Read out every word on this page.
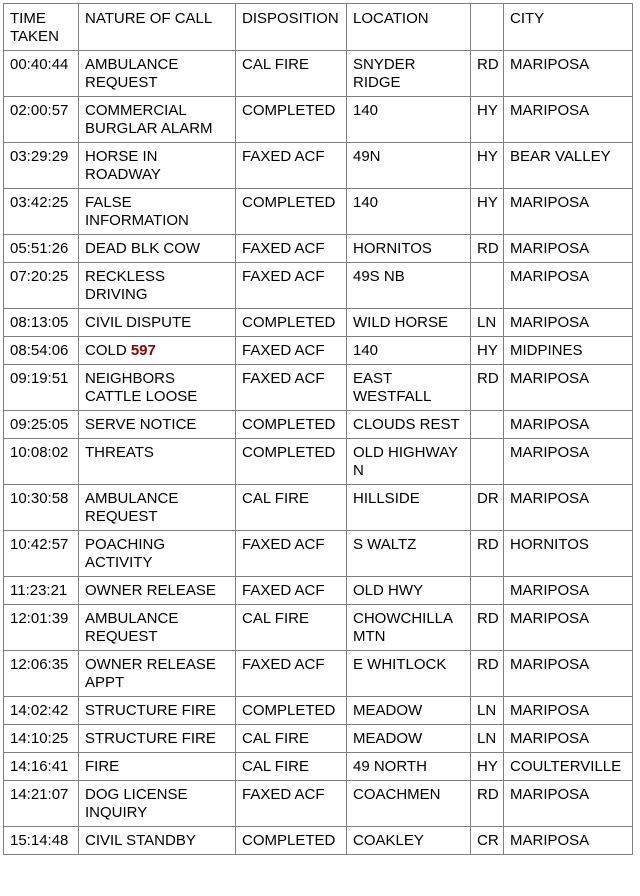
TIME TAKEN	NATURE OF CALL	DISPOSITION	LOCATION		CITY
00:40:44	AMBULANCE REQUEST	CAL FIRE	SNYDER RIDGE	RD	MARIPOSA
02:00:57	COMMERCIAL BURGLAR ALARM	COMPLETED	140	HY	MARIPOSA
03:29:29	HORSE IN ROADWAY	FAXED ACF	49N	HY	BEAR VALLEY
03:42:25	FALSE INFORMATION	COMPLETED	140	HY	MARIPOSA
05:51:26	DEAD BLK COW	FAXED ACF	HORNITOS	RD	MARIPOSA
07:20:25	RECKLESS DRIVING	FAXED ACF	49S NB		MARIPOSA
08:13:05	CIVIL DISPUTE	COMPLETED	WILD HORSE	LN	MARIPOSA
08:54:06	COLD 597	FAXED ACF	140	HY	MIDPINES
09:19:51	NEIGHBORS CATTLE LOOSE	FAXED ACF	EAST WESTFALL	RD	MARIPOSA
09:25:05	SERVE NOTICE	COMPLETED	CLOUDS REST		MARIPOSA
10:08:02	THREATS	COMPLETED	OLD HIGHWAY N		MARIPOSA
10:30:58	AMBULANCE REQUEST	CAL FIRE	HILLSIDE	DR	MARIPOSA
10:42:57	POACHING ACTIVITY	FAXED ACF	S WALTZ	RD	HORNITOS
11:23:21	OWNER RELEASE	FAXED ACF	OLD HWY		MARIPOSA
12:01:39	AMBULANCE REQUEST	CAL FIRE	CHOWCHILLA MTN	RD	MARIPOSA
12:06:35	OWNER RELEASE APPT	FAXED ACF	E WHITLOCK	RD	MARIPOSA
14:02:42	STRUCTURE FIRE	COMPLETED	MEADOW	LN	MARIPOSA
14:10:25	STRUCTURE FIRE	CAL FIRE	MEADOW	LN	MARIPOSA
14:16:41	FIRE	CAL FIRE	49 NORTH	HY	COULTERVILLE
14:21:07	DOG LICENSE INQUIRY	FAXED ACF	COACHMEN	RD	MARIPOSA
15:14:48	CIVIL STANDBY	COMPLETED	COAKLEY	CR	MARIPOSA
